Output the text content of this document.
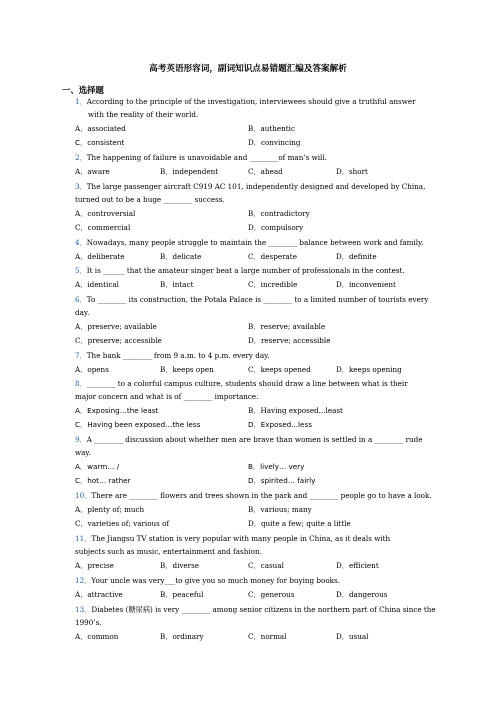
高考英语形容词，副词知识点易错题汇编及答案解析
一、选择题
1．According to the principle of the investigation, interviewees should give a truthful answer
with the reality of their world.
A．associated	B．authentic
C．consistent	D．convincing
2．The happening of failure is unavoidable and ________of man’s will.
A．aware	B．independent	C．ahead	D．short
3．The large passenger aircraft C919 AC 101, independently designed and developed by China,
turned out to be a huge ________ success.
A．controversial	B．contradictory
C．commercial	D．compulsory
4．Nowadays, many people struggle to maintain the ________ balance between work and family.
A．deliberate	B．delicate	C．desperate	D．definite
5．It is ______ that the amateur singer beat a large number of professionals in the contest.
A．identical	B．intact	C．incredible	D．inconvenient
6．To ________ its construction, the Potala Palace is ________ to a limited number of tourists every
day.
A．preserve; available	B．reserve; available
C．preserve; accessible	D．reserve; accessible
7．The bank ________ from 9 a.m. to 4 p.m. every day.
A．opens	B．keeps open	C．keeps opened	D．keeps opening
8．________ to a colorful campus culture, students should draw a line between what is their
major concern and what is of ________ importance.
A．Exposing…the least	B．Having exposed...least
C．Having been exposed…the less	D．Exposed...less
9．A ________ discussion about whether men are brave than women is settled in a ________ rude
way.
A．warm… /	B．lively… very
C．hot… rather	D．spirited… fairly
10．There are ________ flowers and trees shown in the park and ________ people go to have a look.
A．plenty of; much	B．various; many
C．varieties of; various of	D．quite a few; quite a little
11．The Jiangsu TV station is very popular with many people in China, as it deals with
subjects such as music, entertainment and fashion.
A．precise	B．diverse	C．casual	D．efficient
12．Your uncle was very___to give you so much money for buying books.
A．attractive	B．peaceful	C．generous	D．dangerous
13．Diabetes (糖尿病) is very ________ among senior citizens in the northern part of China since the
1990’s.
A．common	B．ordinary	C．normal	D．usual
